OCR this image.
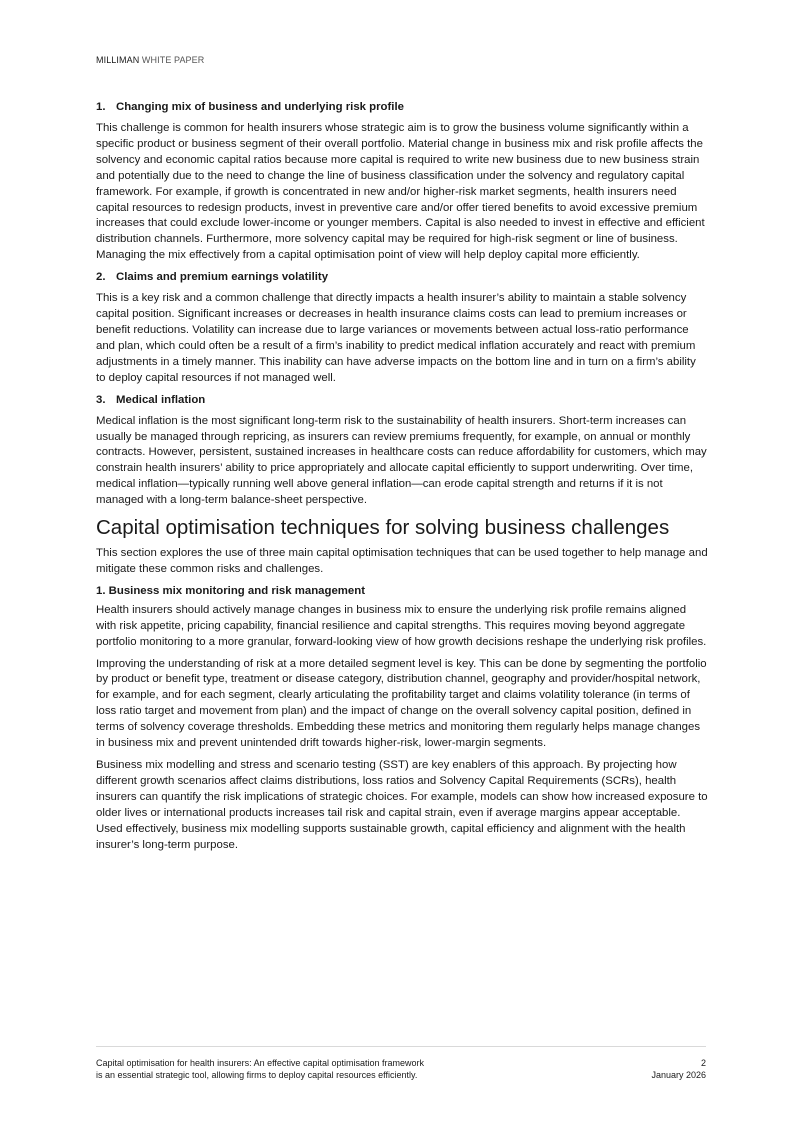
MILLIMAN WHITE PAPER
1. Changing mix of business and underlying risk profile

This challenge is common for health insurers whose strategic aim is to grow the business volume significantly within a specific product or business segment of their overall portfolio. Material change in business mix and risk profile affects the solvency and economic capital ratios because more capital is required to write new business due to new business strain and potentially due to the need to change the line of business classification under the solvency and regulatory capital framework. For example, if growth is concentrated in new and/or higher-risk market segments, health insurers need capital resources to redesign products, invest in preventive care and/or offer tiered benefits to avoid excessive premium increases that could exclude lower-income or younger members. Capital is also needed to invest in effective and efficient distribution channels. Furthermore, more solvency capital may be required for high-risk segment or line of business. Managing the mix effectively from a capital optimisation point of view will help deploy capital more efficiently.

2. Claims and premium earnings volatility

This is a key risk and a common challenge that directly impacts a health insurer’s ability to maintain a stable solvency capital position. Significant increases or decreases in health insurance claims costs can lead to premium increases or benefit reductions. Volatility can increase due to large variances or movements between actual loss-ratio performance and plan, which could often be a result of a firm’s inability to predict medical inflation accurately and react with premium adjustments in a timely manner. This inability can have adverse impacts on the bottom line and in turn on a firm’s ability to deploy capital resources if not managed well.

3. Medical inflation

Medical inflation is the most significant long-term risk to the sustainability of health insurers. Short-term increases can usually be managed through repricing, as insurers can review premiums frequently, for example, on annual or monthly contracts. However, persistent, sustained increases in healthcare costs can reduce affordability for customers, which may constrain health insurers’ ability to price appropriately and allocate capital efficiently to support underwriting. Over time, medical inflation—typically running well above general inflation—can erode capital strength and returns if it is not managed with a long-term balance-sheet perspective.

Capital optimisation techniques for solving business challenges

This section explores the use of three main capital optimisation techniques that can be used together to help manage and mitigate these common risks and challenges.

1. Business mix monitoring and risk management

Health insurers should actively manage changes in business mix to ensure the underlying risk profile remains aligned with risk appetite, pricing capability, financial resilience and capital strengths. This requires moving beyond aggregate portfolio monitoring to a more granular, forward-looking view of how growth decisions reshape the underlying risk profiles.

Improving the understanding of risk at a more detailed segment level is key. This can be done by segmenting the portfolio by product or benefit type, treatment or disease category, distribution channel, geography and provider/hospital network, for example, and for each segment, clearly articulating the profitability target and claims volatility tolerance (in terms of loss ratio target and movement from plan) and the impact of change on the overall solvency capital position, defined in terms of solvency coverage thresholds. Embedding these metrics and monitoring them regularly helps manage changes in business mix and prevent unintended drift towards higher-risk, lower-margin segments.

Business mix modelling and stress and scenario testing (SST) are key enablers of this approach. By projecting how different growth scenarios affect claims distributions, loss ratios and Solvency Capital Requirements (SCRs), health insurers can quantify the risk implications of strategic choices. For example, models can show how increased exposure to older lives or international products increases tail risk and capital strain, even if average margins appear acceptable. Used effectively, business mix modelling supports sustainable growth, capital efficiency and alignment with the health insurer’s long-term purpose.

Capital optimisation for health insurers: An effective capital optimisation framework
is an essential strategic tool, allowing firms to deploy capital resources efficiently.
2
January 2026
